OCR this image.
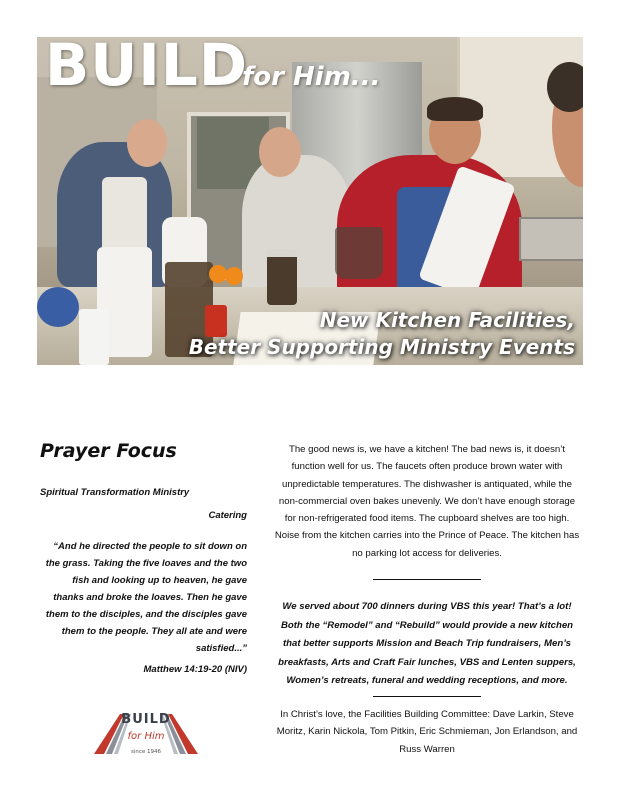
BUILD
for Him...
New Kitchen Facilities,
Better Supporting Ministry Events
Prayer Focus
Spiritual Transformation Ministry
Catering
“And he directed the people to sit down on the grass. Taking the five loaves and the two fish and looking up to heaven, he gave thanks and broke the loaves. Then he gave them to the disciples, and the disciples gave them to the people. They all ate and were satisfied...”
Matthew 14:19-20 (NIV)
BUILD
for Him
since 1946

The good news is, we have a kitchen! The bad news is, it doesn’t function well for us. The faucets often produce brown water with unpredictable temperatures. The dishwasher is antiquated, while the non-commercial oven bakes unevenly. We don’t have enough storage for non-refrigerated food items. The cupboard shelves are too high. Noise from the kitchen carries into the Prince of Peace. The kitchen has no parking lot access for deliveries.

We served about 700 dinners during VBS this year! That’s a lot! Both the “Remodel” and “Rebuild” would provide a new kitchen that better supports Mission and Beach Trip fundraisers, Men’s breakfasts, Arts and Craft Fair lunches, VBS and Lenten suppers, Women’s retreats, funeral and wedding receptions, and more.

In Christ’s love, the Facilities Building Committee: Dave Larkin, Steve Moritz, Karin Nickola, Tom Pitkin, Eric Schmieman, Jon Erlandson, and Russ Warren
